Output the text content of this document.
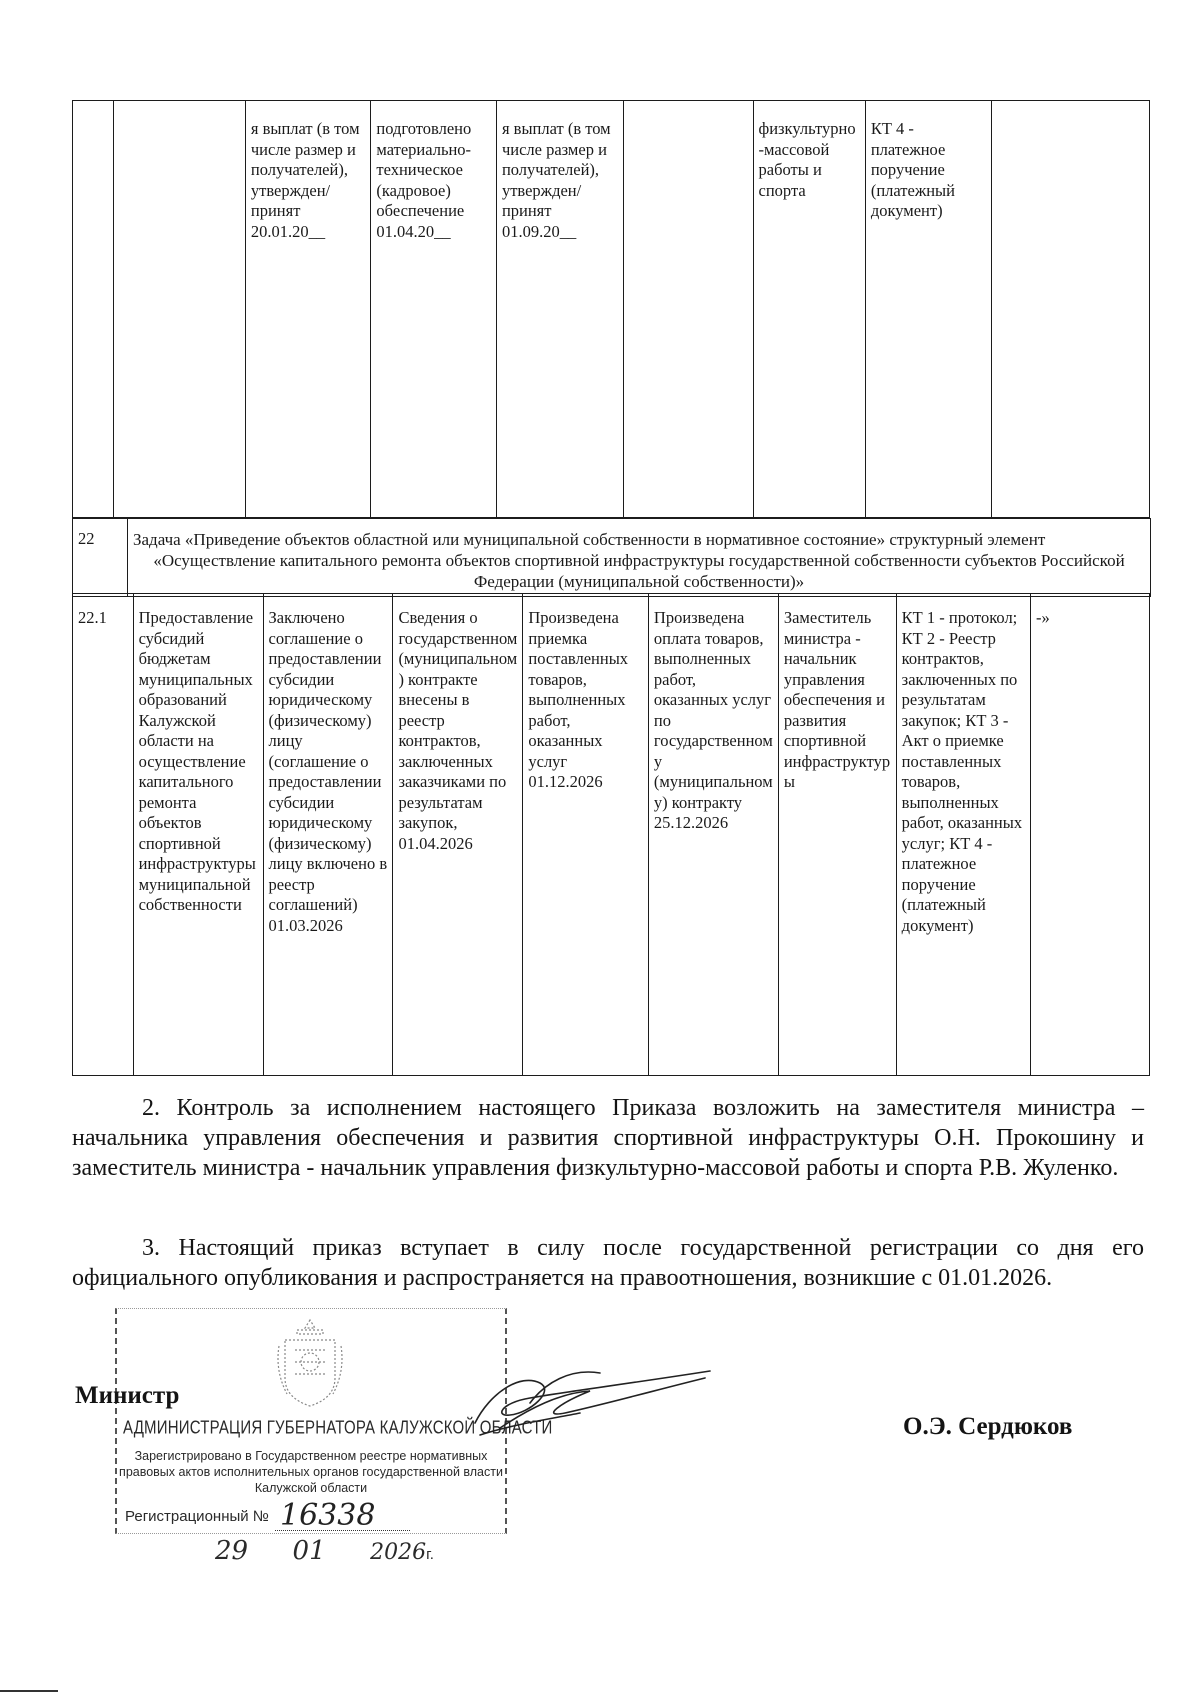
		я выплат (в том числе размер и получателей), утвержден/принят 20.01.20__	подготовлено материально-техническое (кадровое) обеспечение 01.04.20__	я выплат (в том числе размер и получателей), утвержден/принят 01.09.20__		физкультурно-массовой работы и спорта	КТ 4 - платежное поручение (платежный документ)	
22	Задача «Приведение объектов областной или муниципальной собственности в нормативное состояние» структурный элемент
«Осуществление капитального ремонта объектов спортивной инфраструктуры государственной собственности субъектов Российской Федерации (муниципальной собственности)»
22.1	Предоставление субсидий бюджетам муниципальных образований Калужской области на осуществление капитального ремонта объектов спортивной инфраструктуры муниципальной собственности	Заключено соглашение о предоставлении субсидии юридическому (физическому) лицу (соглашение о предоставлении субсидии юридическому (физическому) лицу включено в реестр соглашений) 01.03.2026	Сведения о государственном (муниципальном) контракте внесены в реестр контрактов, заключенных заказчиками по результатам закупок, 01.04.2026	Произведена приемка поставленных товаров, выполненных работ, оказанных услуг 01.12.2026	Произведена оплата товаров, выполненных работ, оказанных услуг по государственному (муниципальному) контракту 25.12.2026	Заместитель министра - начальник управления обеспечения и развития спортивной инфраструктуры	КТ 1 - протокол; КТ 2 - Реестр контрактов, заключенных по результатам закупок; КТ 3 - Акт о приемке поставленных товаров, выполненных работ, оказанных услуг; КТ 4 - платежное поручение (платежный документ)	-»
2. Контроль за исполнением настоящего Приказа возложить на заместителя министра – начальника управления обеспечения и развития спортивной инфраструктуры О.Н. Прокошину и заместитель министра - начальник управления физкультурно-массовой работы и спорта Р.В. Жуленко.
3. Настоящий приказ вступает в силу после государственной регистрации со дня его официального опубликования и распространяется на правоотношения, возникшие с 01.01.2026.
АДМИНИСТРАЦИЯ ГУБЕРНАТОРА КАЛУЖСКОЙ ОБЛАСТИ
Зарегистрировано в Государственном реестре нормативных правовых актов исполнительных органов государственной власти Калужской области
Регистрационный № 16338
29 01 2026г.
Министр
О.Э. Сердюков
